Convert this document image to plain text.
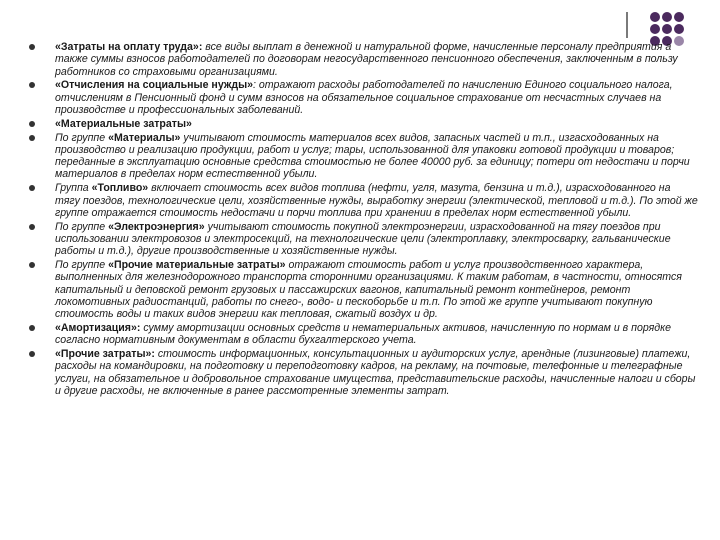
«Затраты на оплату труда»: все виды выплат в денежной и натуральной форме, начисленные персоналу предприятия а также суммы взносов работодателей по договорам негосударственного пенсионного обеспечения, заключенным в пользу работников со страховыми организациями.
«Отчисления на социальные нужды»: отражают расходы работодателей по начислению Единого социального налога, отчислениям в Пенсионный фонд и сумм взносов на обязательное социальное страхование от несчастных случаев на производстве и профессиональных заболеваний.
«Материальные затраты»
По группе «Материалы» учитывают стоимость материалов всех видов, запасных частей и т.п., изгасходованных на производство и реализацию продукции, работ и услуг; тары, использованной для упаковки готовой продукции и товаров; переданные в эксплуатацию основные средства стоимостью не более 40000 руб. за единицу; потери от недостачи и порчи материалов в пределах норм естественной убыли.
Группа «Топливо» включает стоимость всех видов топлива (нефти, угля, мазута, бензина и т.д.), израсходованного на тягу поездов, технологические цели, хозяйственные нужды, выработку энергии (электической, тепловой и т.д.). По этой же группе отражается стоимость недостачи и порчи топлива при хранении в пределах норм естественной убыли.
По группе «Электроэнергия» учитывают стоимость покупной электроэнергии, израсходованной на тягу поездов при использовании электровозов и электросекций, на технологические цели (электроплавку, электросварку, гальванические работы и т.д.), другие производственные и хозяйственные нужды.
По группе «Прочие материальные затраты» отражают стоимость работ и услуг производственного характера, выполненных для железнодорожного транспорта сторонними организациями. К таким работам, в частности, относятся капитальный и деповской ремонт грузовых и пассажирских вагонов, капитальный ремонт контейнеров, ремонт локомотивных радиостанций, работы по снего-, водо- и пескоборьбе и т.п. По этой же группе учитывают покупную стоимость воды и таких видов энергии как тепловая, сжатый воздух и др.
«Амортизация»: сумму амортизации основных средств и нематериальных активов, начисленную по нормам и в порядке согласно нормативным документам в области бухгалтерского учета.
«Прочие затраты»: стоимость информационных, консультационных и аудиторских услуг, арендные (лизинговые) платежи, расходы на командировки, на подготовку и переподготовку кадров, на рекламу, на почтовые, телефонные и телеграфные услуги, на обязательное и добровольное страхование имущества, представительские расходы, начисленные налоги и сборы и другие расходы, не включенные в ранее рассмотренные элементы затрат.
